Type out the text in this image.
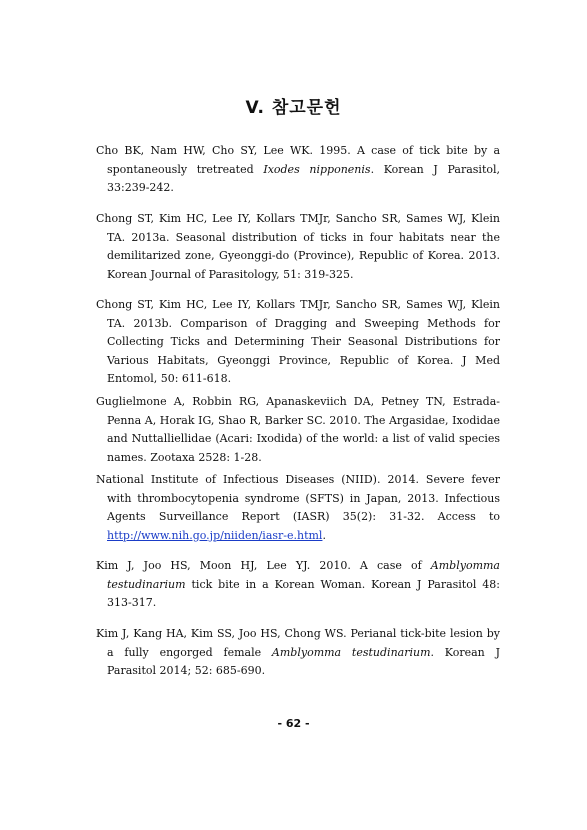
V. 참고문헌
Cho BK, Nam HW, Cho SY, Lee WK. 1995. A case of tick bite by a spontaneously tretreated Ixodes nipponenis. Korean J Parasitol, 33:239-242.
Chong ST, Kim HC, Lee IY, Kollars TMJr, Sancho SR, Sames WJ, Klein TA. 2013a. Seasonal distribution of ticks in four habitats near the demilitarized zone, Gyeonggi-do (Province), Republic of Korea. 2013. Korean Journal of Parasitology, 51: 319-325.
Chong ST, Kim HC, Lee IY, Kollars TMJr, Sancho SR, Sames WJ, Klein TA. 2013b. Comparison of Dragging and Sweeping Methods for Collecting Ticks and Determining Their Seasonal Distributions for Various Habitats, Gyeonggi Province, Republic of Korea. J Med Entomol, 50: 611-618.
Guglielmone A, Robbin RG, Apanaskeviich DA, Petney TN, Estrada-Penna A, Horak IG, Shao R, Barker SC. 2010. The Argasidae, Ixodidae and Nuttalliellidae (Acari: Ixodida) of the world: a list of valid species names. Zootaxa 2528: 1-28.
National Institute of Infectious Diseases (NIID). 2014. Severe fever with thrombocytopenia syndrome (SFTS) in Japan, 2013. Infectious Agents Surveillance Report (IASR) 35(2): 31-32. Access to http://www.nih.go.jp/niiden/iasr-e.html.
Kim J, Joo HS, Moon HJ, Lee YJ. 2010. A case of Amblyomma testudinarium tick bite in a Korean Woman. Korean J Parasitol 48: 313-317.
Kim J, Kang HA, Kim SS, Joo HS, Chong WS. Perianal tick-bite lesion by a fully engorged female Amblyomma testudinarium. Korean J Parasitol 2014; 52: 685-690.
- 62 -
